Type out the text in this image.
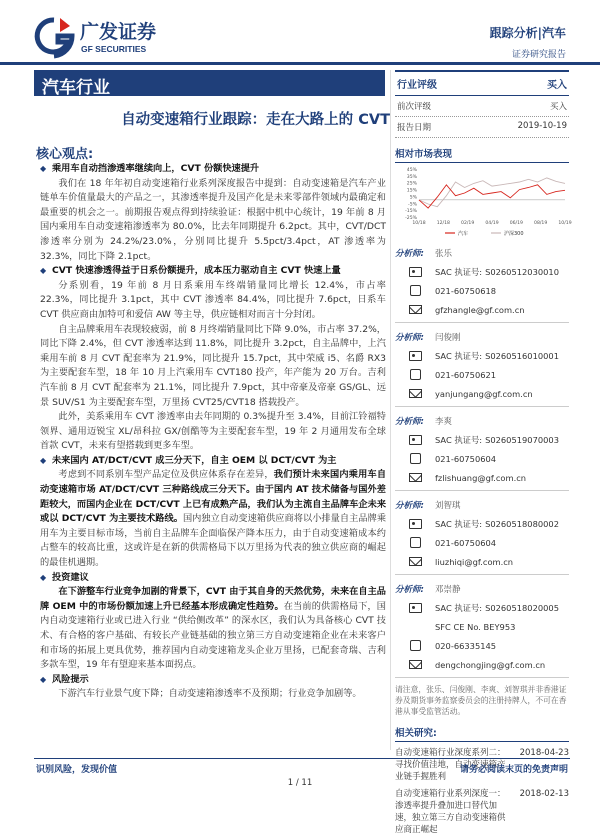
广发证券
GF SECURITIES
跟踪分析|汽车
证券研究报告
汽车行业
自动变速箱行业跟踪：走在大路上的 CVT
核心观点:

◆ 乘用车自动挡渗透率继续向上，CVT 份额快速提升

我们在 18 年年初自动变速箱行业系列深度报告中提到：自动变速箱是汽车产业链单车价值量最大的产品之一，其渗透率提升及国产化是未来零部件领域内最确定和最重要的机会之一。前期报告观点得到持续验证：根据中机中心统计，19 年前 8 月国内乘用车自动变速箱渗透率为 80.0%，比去年同期提升 6.2pct。其中，CVT/DCT 渗透率分别为 24.2%/23.0%，分别同比提升 5.5pct/3.4pct，AT 渗透率为 32.3%，同比下降 2.1pct。

◆ CVT 快速渗透得益于日系份额提升，成本压力驱动自主 CVT 快速上量

分系别看，19 年前 8 月日系乘用车终端销量同比增长 12.4%，市占率 22.3%，同比提升 3.1pct，其中 CVT 渗透率 84.4%，同比提升 7.6pct，日系车 CVT 供应商由加特可和爱信 AW 等主导，供应链相对而言十分封闭。

自主品牌乘用车表现较疲弱，前 8 月终端销量同比下降 9.0%，市占率 37.2%，同比下降 2.4%，但 CVT 渗透率达到 11.8%，同比提升 3.2pct，自主品牌中，上汽乘用车前 8 月 CVT 配套率为 21.9%，同比提升 15.7pct，其中荣威 i5、名爵 RX3 为主要配套车型，18 年 10 月上汽乘用车 CVT180 投产，年产能为 20 万台。吉利汽车前 8 月 CVT 配套率为 21.1%，同比提升 7.9pct，其中帝豪及帝豪 GS/GL、远景 SUV/S1 为主要配套车型，万里扬 CVT25/CVT18 搭载投产。

此外，美系乘用车 CVT 渗透率由去年同期的 0.3%提升至 3.4%，目前江铃福特领界、通用迈锐宝 XL/昂科拉 GX/创酷等为主要配套车型，19 年 2 月通用发布全球首款 CVT，未来有望搭载到更多车型。

◆ 未来国内 AT/DCT/CVT 成三分天下，自主 OEM 以 DCT/CVT 为主

考虑到不同系别车型产品定位及供应体系存在差异，我们预计未来国内乘用车自动变速箱市场 AT/DCT/CVT 三种路线成三分天下。由于国内 AT 技术储备与国外差距较大，而国内企业在 DCT/CVT 上已有成熟产品，我们认为主流自主品牌车企未来或以 DCT/CVT 为主要技术路线。国内独立自动变速箱供应商将以小排量自主品牌乘用车为主要目标市场，当前自主品牌车企面临保产降本压力，由于自动变速箱成本约占整车的较高比重，这或许是在新的供需格局下以万里扬为代表的独立供应商的崛起的最佳机遇期。

◆ 投资建议

在下游整车行业竞争加剧的背景下，CVT 由于其自身的天然优势，未来在自主品牌 OEM 中的市场份额加速上升已经基本形成确定性趋势。在当前的供需格局下，国内自动变速箱行业或已进入行业 “供给侧改革” 的深水区，我们认为具备核心 CVT 技术、有合格的客户基础、有较长产业链基础的独立第三方自动变速箱企业在未来客户和市场的拓展上更具优势，推荐国内自动变速箱龙头企业万里扬，已配套奇瑞、吉利多款车型，19 年有望迎来基本面拐点。

◆ 风险提示

下游汽车行业景气度下降；自动变速箱渗透率不及预期；行业竞争加剧等。

行业评级	买入
前次评级	买入
报告日期	2019-10-19
相对市场表现
45%
35%
25%
15%
5%
-5%
-15%
-25%
10/18 12/18 02/19 04/19 06/19 08/19 10/19
汽车	沪深300
分析师:	张乐
SAC 执证号: S0260512030010
021-60750618
gfzhangle@gf.com.cn
分析师:	闫俊刚
SAC 执证号: S0260516010001
021-60750621
yanjungang@gf.com.cn
分析师:	李爽
SAC 执证号: S0260519070003
021-60750604
fzlishuang@gf.com.cn
分析师:	刘智琪
SAC 执证号: S0260518080002
021-60750604
liuzhiqi@gf.com.cn
分析师:	邓崇静
SAC 执证号: S0260518020005
SFC CE No. BEY953
020-66335145
dengchongjing@gf.com.cn
请注意，张乐、闫俊刚、李爽、刘智琪并非香港证券及期货事务监察委员会的注册持牌人，不可在香港从事受监管活动。
相关研究:
自动变速箱行业深度系列二：寻找价值洼地，自动变速箱产业链手握胜利
2018-04-23
自动变速箱行业系列深度一：渗透率提升叠加进口替代加速，独立第三方自动变速箱供应商正崛起
2018-02-13
识别风险，发现价值	请务必阅读末页的免责声明
1 / 11
